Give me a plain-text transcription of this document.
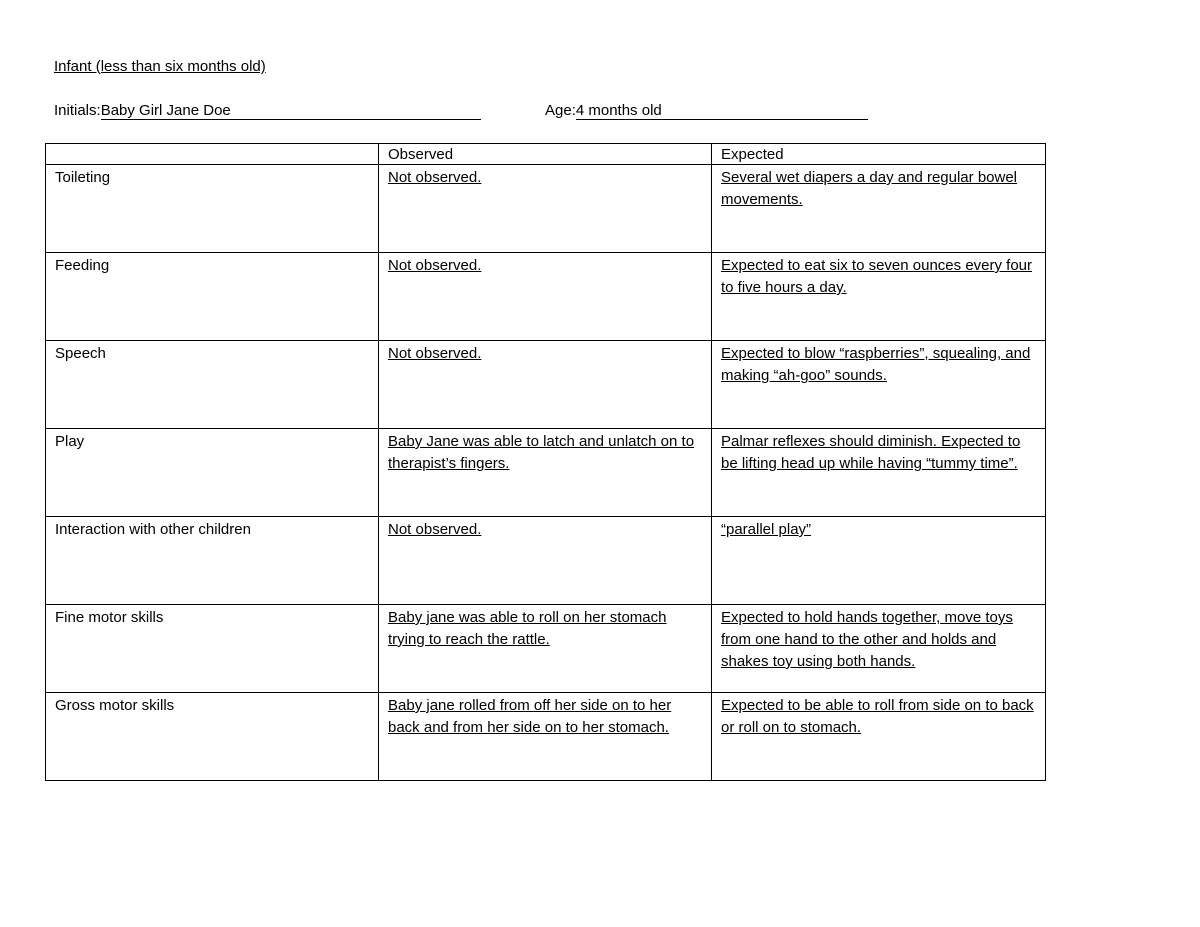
Infant (less than six months old)
Initials:Baby Girl Jane Doe	Age:4 months old
	Observed	Expected
Toileting	Not observed.	Several wet diapers a day and regular bowel movements.
Feeding	Not observed.	Expected to eat six to seven ounces every four to five hours a day.
Speech	Not observed.	Expected to blow “raspberries”, squealing, and making “ah-goo” sounds.
Play	Baby Jane was able to latch and unlatch on to therapist’s fingers.	Palmar reflexes should diminish. Expected to be lifting head up while having “tummy time”.
Interaction with other children	Not observed.	“parallel play”
Fine motor skills	Baby jane was able to roll on her stomach trying to reach the rattle.	Expected to hold hands together, move toys from one hand to the other and holds and shakes toy using both hands.
Gross motor skills	Baby jane rolled from off her side on to her back and from her side on to her stomach.	Expected to be able to roll from side on to back or roll on to stomach.
